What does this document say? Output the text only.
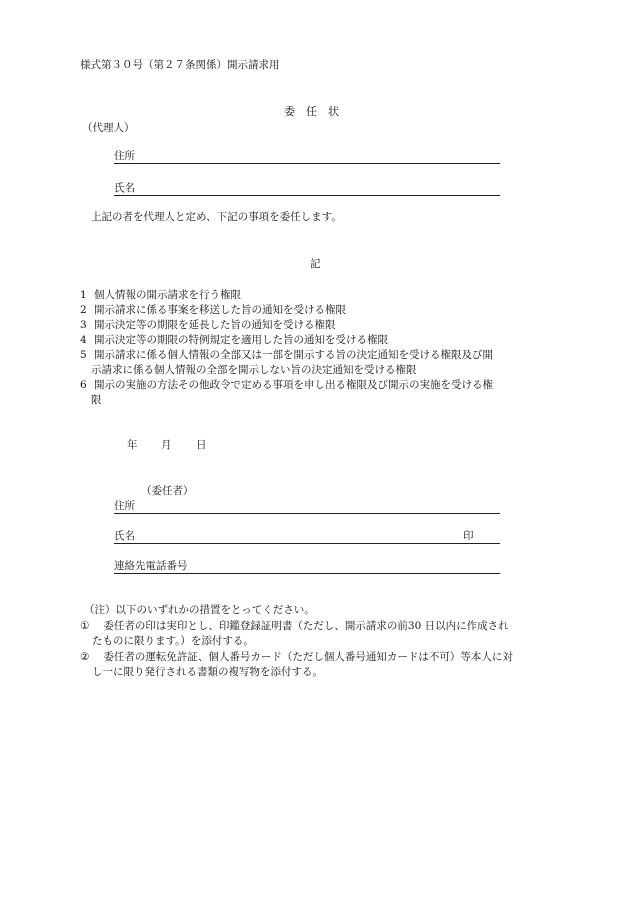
様式第３０号（第２７条関係）開示請求用
委　任　状
（代理人）
住所
氏名
上記の者を代理人と定め、下記の事項を委任します。
記
1 個人情報の開示請求を行う権限
2 開示請求に係る事案を移送した旨の通知を受ける権限
3 開示決定等の期限を延長した旨の通知を受ける権限
4 開示決定等の期限の特例規定を適用した旨の通知を受ける権限
5 開示請求に係る個人情報の全部又は一部を開示する旨の決定通知を受ける権限及び開
示請求に係る個人情報の全部を開示しない旨の決定通知を受ける権限
6 開示の実施の方法その他政令で定める事項を申し出る権限及び開示の実施を受ける権
限
年 月 日
（委任者）
住所
氏名	印
連絡先電話番号
（注）以下のいずれかの措置をとってください。
① 委任者の印は実印とし、印鑑登録証明書（ただし、開示請求の前30 日以内に作成され
たものに限ります。）を添付する。
② 委任者の運転免許証、個人番号カード（ただし個人番号通知カードは不可）等本人に対
し一に限り発行される書類の複写物を添付する。
